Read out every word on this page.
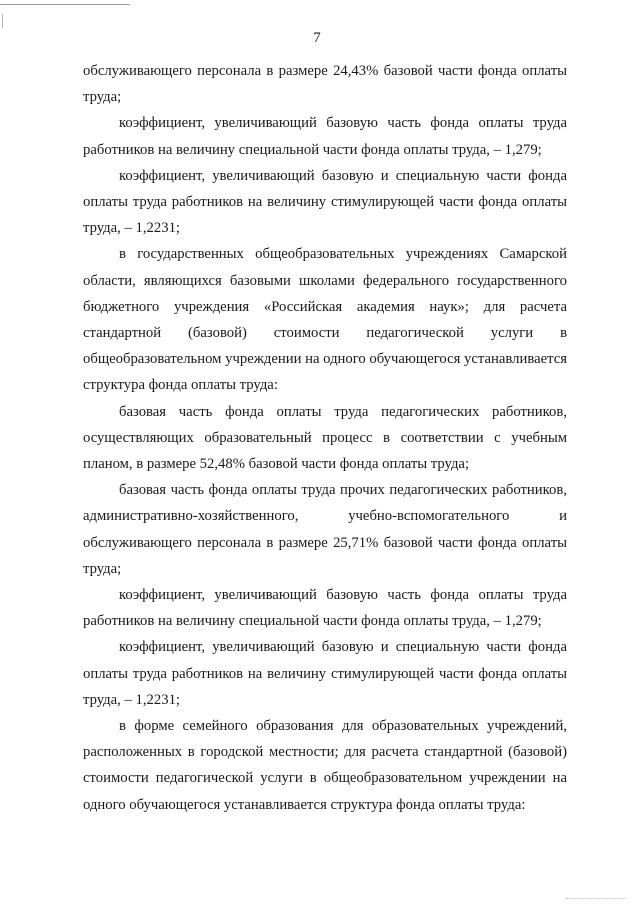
7

обслуживающего персонала в размере 24,43% базовой части фонда оплаты труда;

коэффициент, увеличивающий базовую часть фонда оплаты труда работников на величину специальной части фонда оплаты труда, – 1,279;

коэффициент, увеличивающий базовую и специальную части фонда оплаты труда работников на величину стимулирующей части фонда оплаты труда, – 1,2231;

в государственных общеобразовательных учреждениях Самарской области, являющихся базовыми школами федерального государственного бюджетного учреждения «Российская академия наук»; для расчета стандартной (базовой) стоимости педагогической услуги в общеобразовательном учреждении на одного обучающегося устанавливается структура фонда оплаты труда:

базовая часть фонда оплаты труда педагогических работников, осуществляющих образовательный процесс в соответствии с учебным планом, в размере 52,48% базовой части фонда оплаты труда;

базовая часть фонда оплаты труда прочих педагогических работников, административно-хозяйственного, учебно-вспомогательного и обслуживающего персонала в размере 25,71% базовой части фонда оплаты труда;

коэффициент, увеличивающий базовую часть фонда оплаты труда работников на величину специальной части фонда оплаты труда, – 1,279;

коэффициент, увеличивающий базовую и специальную части фонда оплаты труда работников на величину стимулирующей части фонда оплаты труда, – 1,2231;

в форме семейного образования для образовательных учреждений, расположенных в городской местности; для расчета стандартной (базовой) стоимости педагогической услуги в общеобразовательном учреждении на одного обучающегося устанавливается структура фонда оплаты труда:
